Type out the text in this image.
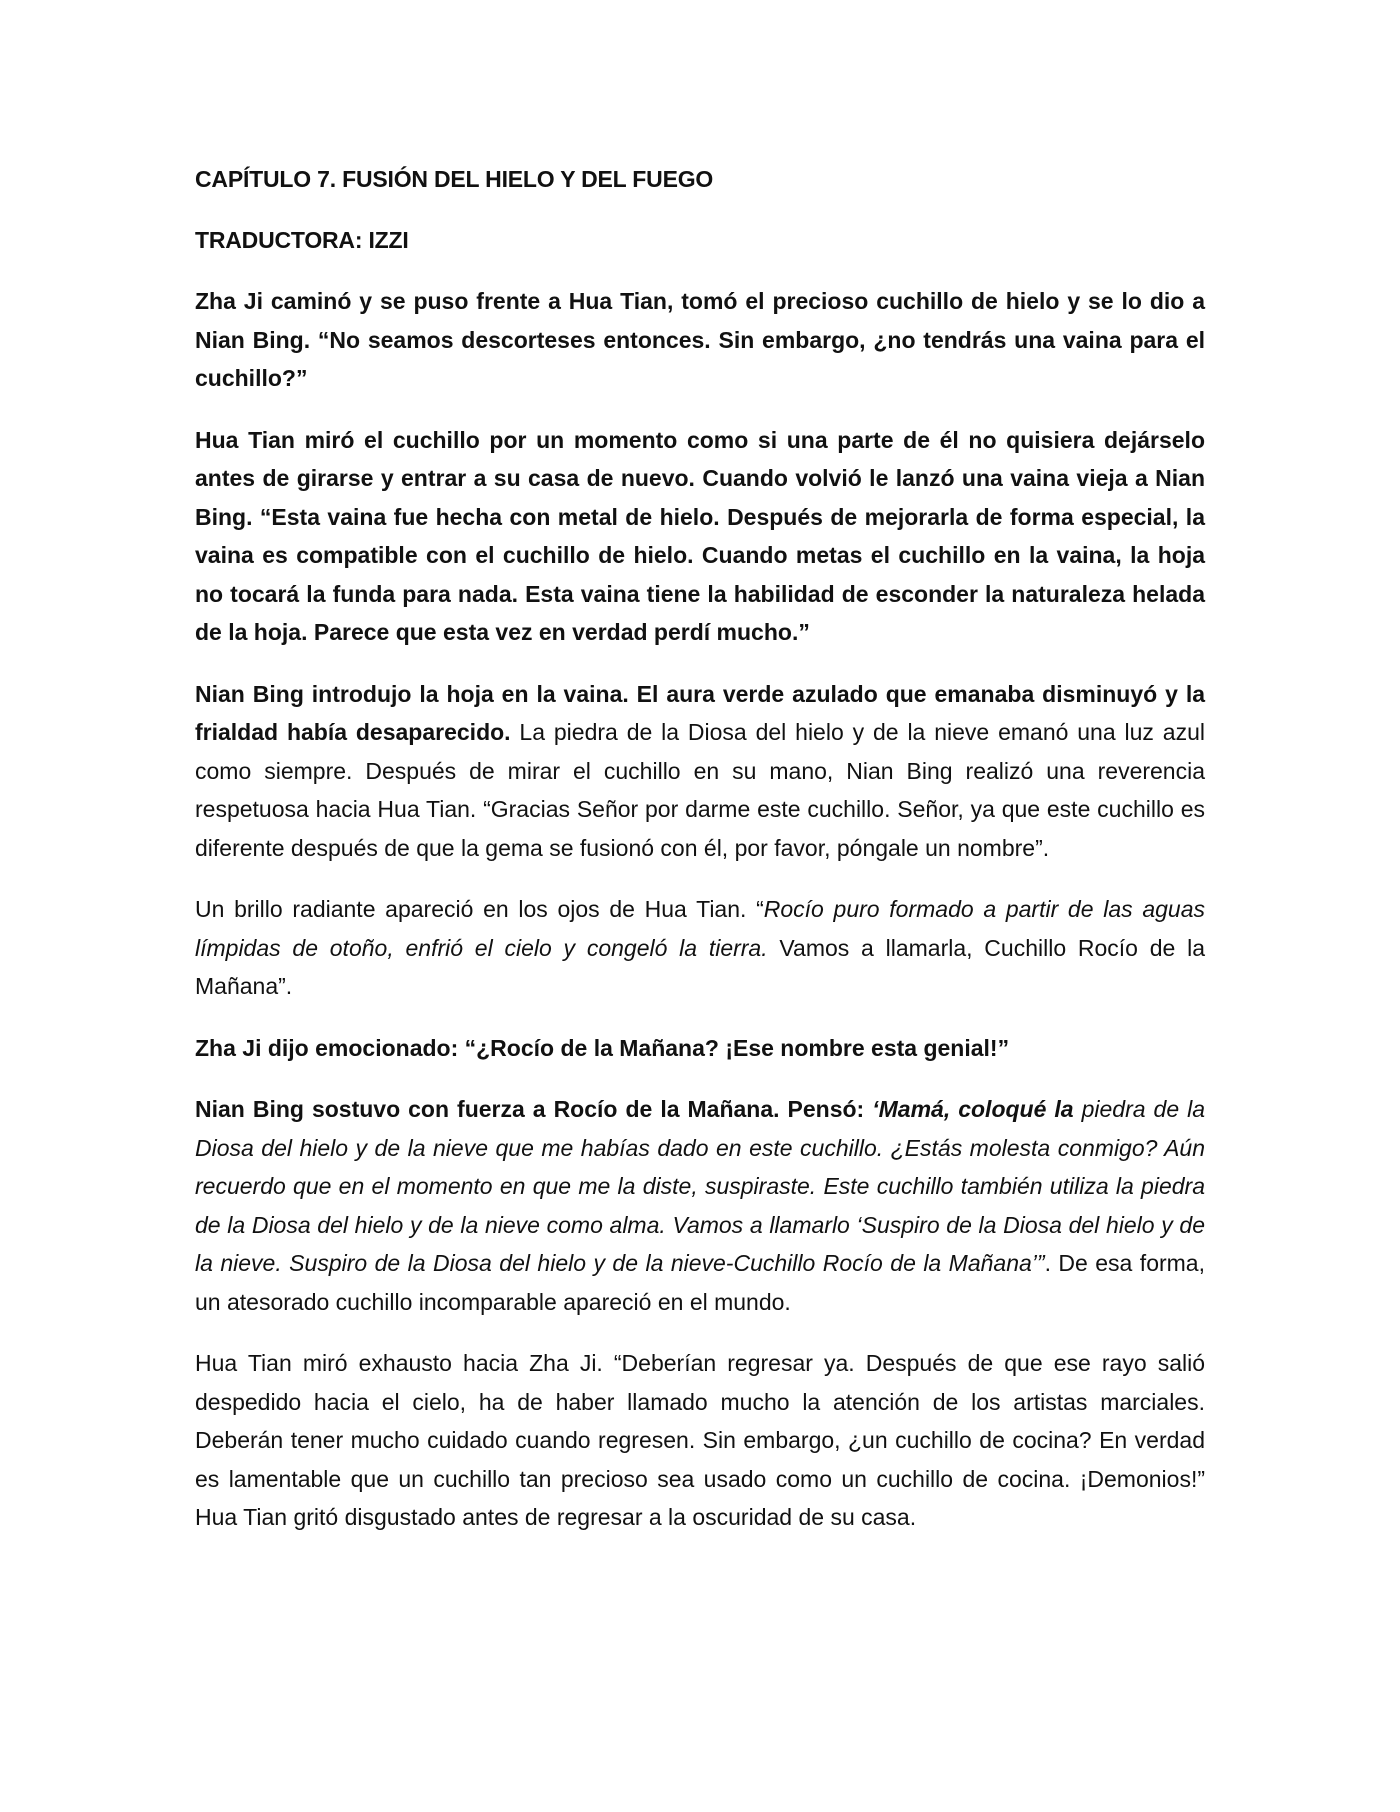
CAPÍTULO 7. FUSIÓN DEL HIELO Y DEL FUEGO
TRADUCTORA: IZZI

Zha Ji caminó y se puso frente a Hua Tian, tomó el precioso cuchillo de hielo y se lo dio a Nian Bing. “No seamos descorteses entonces. Sin embargo, ¿no tendrás una vaina para el cuchillo?”

Hua Tian miró el cuchillo por un momento como si una parte de él no quisiera dejárselo antes de girarse y entrar a su casa de nuevo. Cuando volvió le lanzó una vaina vieja a Nian Bing. “Esta vaina fue hecha con metal de hielo. Después de mejorarla de forma especial, la vaina es compatible con el cuchillo de hielo. Cuando metas el cuchillo en la vaina, la hoja no tocará la funda para nada. Esta vaina tiene la habilidad de esconder la naturaleza helada de la hoja. Parece que esta vez en verdad perdí mucho.”

Nian Bing introdujo la hoja en la vaina. El aura verde azulado que emanaba disminuyó y la frialdad había desaparecido. La piedra de la Diosa del hielo y de la nieve emanó una luz azul como siempre. Después de mirar el cuchillo en su mano, Nian Bing realizó una reverencia respetuosa hacia Hua Tian. “Gracias Señor por darme este cuchillo. Señor, ya que este cuchillo es diferente después de que la gema se fusionó con él, por favor, póngale un nombre”.

Un brillo radiante apareció en los ojos de Hua Tian. “Rocío puro formado a partir de las aguas límpidas de otoño, enfrió el cielo y congeló la tierra. Vamos a llamarla, Cuchillo Rocío de la Mañana”.

Zha Ji dijo emocionado: “¿Rocío de la Mañana? ¡Ese nombre esta genial!”

Nian Bing sostuvo con fuerza a Rocío de la Mañana. Pensó: ‘Mamá, coloqué la piedra de la Diosa del hielo y de la nieve que me habías dado en este cuchillo. ¿Estás molesta conmigo? Aún recuerdo que en el momento en que me la diste, suspiraste. Este cuchillo también utiliza la piedra de la Diosa del hielo y de la nieve como alma. Vamos a llamarlo ‘Suspiro de la Diosa del hielo y de la nieve. Suspiro de la Diosa del hielo y de la nieve-Cuchillo Rocío de la Mañana’”. De esa forma, un atesorado cuchillo incomparable apareció en el mundo.

Hua Tian miró exhausto hacia Zha Ji. “Deberían regresar ya. Después de que ese rayo salió despedido hacia el cielo, ha de haber llamado mucho la atención de los artistas marciales. Deberán tener mucho cuidado cuando regresen. Sin embargo, ¿un cuchillo de cocina? En verdad es lamentable que un cuchillo tan precioso sea usado como un cuchillo de cocina. ¡Demonios!” Hua Tian gritó disgustado antes de regresar a la oscuridad de su casa.
